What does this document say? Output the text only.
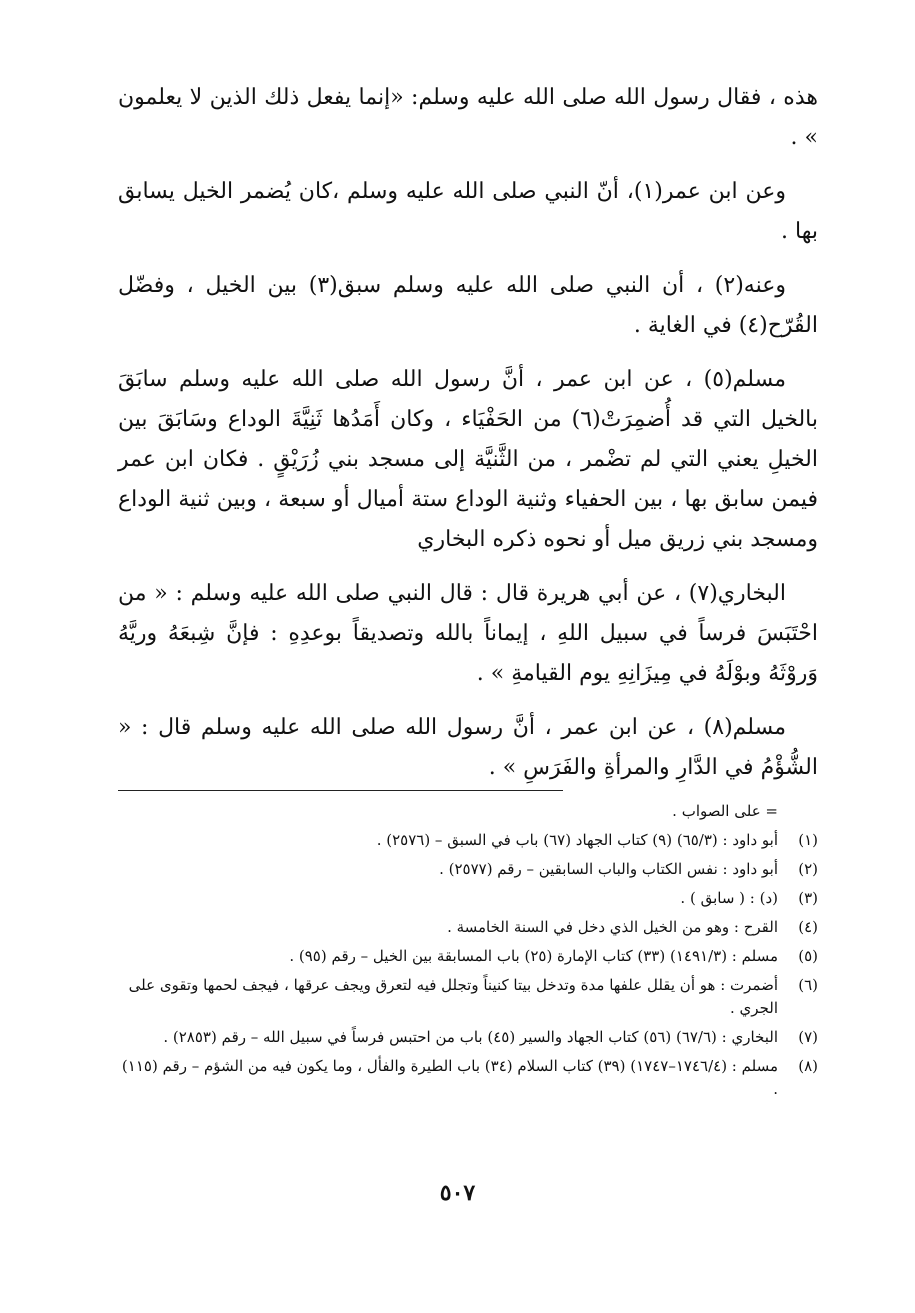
هذه ، فقال رسول الله صلى الله عليه وسلم: «إنما يفعل ذلك الذين لا يعلمون » .

وعن ابن عمر(١)، أنّ النبي صلى الله عليه وسلم ،كان يُضمر الخيل يسابق بها .

وعنه(٢) ، أن النبي صلى الله عليه وسلم سبق(٣) بين الخيل ، وفضّل القُرّح(٤) في الغاية .

مسلم(٥) ، عن ابن عمر ، أنَّ رسول الله صلى الله عليه وسلم سابَقَ بالخيل التي قد أُضمِرَتْ(٦) من الحَفْيَاء ، وكان أَمَدُها ثَنِيَّةَ الوداع وسَابَقَ بين الخيلِ يعني التي لم تضْمر ، من الثَّنيَّة إلى مسجد بني زُرَيْقٍ . فكان ابن عمر فيمن سابق بها ، بين الحفياء وثنية الوداع ستة أميال أو سبعة ، وبين ثنية الوداع ومسجد بني زريق ميل أو نحوه ذكره البخاري

البخاري(٧) ، عن أبي هريرة قال : قال النبي صلى الله عليه وسلم : « من احْتَبَسَ فرساً في سبيل اللهِ ، إيماناً بالله وتصديقاً بوعدِهِ : فإنَّ شِبعَهُ وريَّهُ وَروْثَهُ وبوْلَهُ في مِيزَانِهِ يوم القيامةِ » .

مسلم(٨) ، عن ابن عمر ، أنَّ رسول الله صلى الله عليه وسلم قال : « الشُّؤْمُ في الدَّارِ والمرأةِ والفَرَسِ » .

= على الصواب .
(١)
أبو داود : (٦٥/٣) (٩) كتاب الجهاد (٦٧) باب في السبق – (٢٥٧٦) .
(٢)
أبو داود : نفس الكتاب والباب السابقين – رقم (٢٥٧٧) .
(٣)
(د) : ( سابق ) .
(٤)
القرح : وهو من الخيل الذي دخل في السنة الخامسة .
(٥)
مسلم : (١٤٩١/٣) (٣٣) كتاب الإمارة (٢٥) باب المسابقة بين الخيل – رقم (٩٥) .
(٦)
أضمرت : هو أن يقلل علفها مدة وتدخل بيتا كنيناً وتجلل فيه لتعرق ويجف عرقها ، فيجف لحمها وتقوى على الجري .
(٧)
البخاري : (٦٧/٦) (٥٦) كتاب الجهاد والسير (٤٥) باب من احتبس فرساً في سبيل الله – رقم (٢٨٥٣) .
(٨)
مسلم : (١٧٤٦/٤–١٧٤٧) (٣٩) كتاب السلام (٣٤) باب الطيرة والفأل ، وما يكون فيه من الشؤم – رقم (١١٥) .
٥٠٧
